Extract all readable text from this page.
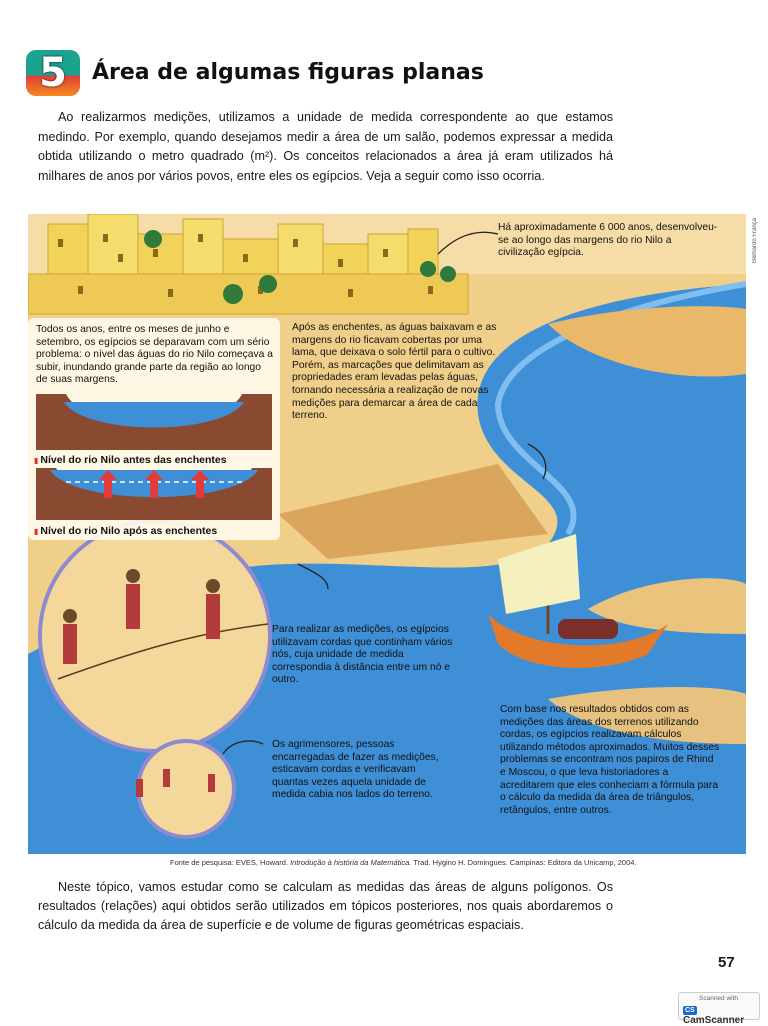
5	Área de algumas figuras planas
Ao realizarmos medições, utilizamos a unidade de medida correspondente ao que estamos medindo. Por exemplo, quando desejamos medir a área de um salão, podemos expressar a medida obtida utilizando o metro quadrado (m²). Os conceitos relacionados a área já eram utilizados há milhares de anos por vários povos, entre eles os egípcios. Veja a seguir como isso ocorria.
Há aproximadamente 6 000 anos, desenvolveu-se ao longo das margens do rio Nilo a civilização egípcia.
Todos os anos, entre os meses de junho e setembro, os egípcios se deparavam com um sério problema: o nível das águas do rio Nilo começava a subir, inundando grande parte da região ao longo de suas margens.
▮ Nível do rio Nilo antes das enchentes
▮ Nível do rio Nilo após as enchentes
Após as enchentes, as águas baixavam e as margens do rio ficavam cobertas por uma lama, que deixava o solo fértil para o cultivo. Porém, as marcações que delimitavam as propriedades eram levadas pelas águas, tornando necessária a realização de novas medições para demarcar a área de cada terreno.
Para realizar as medições, os egípcios utilizavam cordas que continham vários nós, cuja unidade de medida correspondia à distância entre um nó e outro.
Os agrimensores, pessoas encarregadas de fazer as medições, esticavam cordas e verificavam quantas vezes aquela unidade de medida cabia nos lados do terreno.
Com base nos resultados obtidos com as medições das áreas dos terrenos utilizando cordas, os egípcios realizavam cálculos utilizando métodos aproximados. Muitos desses problemas se encontram nos papiros de Rhind e Moscou, o que leva historiadores a acreditarem que eles conheciam a fórmula para o cálculo da medida da área de triângulos, retângulos, entre outros.
Bernardo França
Fonte de pesquisa: EVES, Howard. Introdução à história da Matemática. Trad. Hygino H. Domingues. Campinas: Editora da Unicamp, 2004.
Neste tópico, vamos estudar como se calculam as medidas das áreas de alguns polígonos. Os resultados (relações) aqui obtidos serão utilizados em tópicos posteriores, nos quais abordaremos o cálculo da medida da área de superfície e de volume de figuras geométricas espaciais.
57
Scanned with
CSCamScanner
